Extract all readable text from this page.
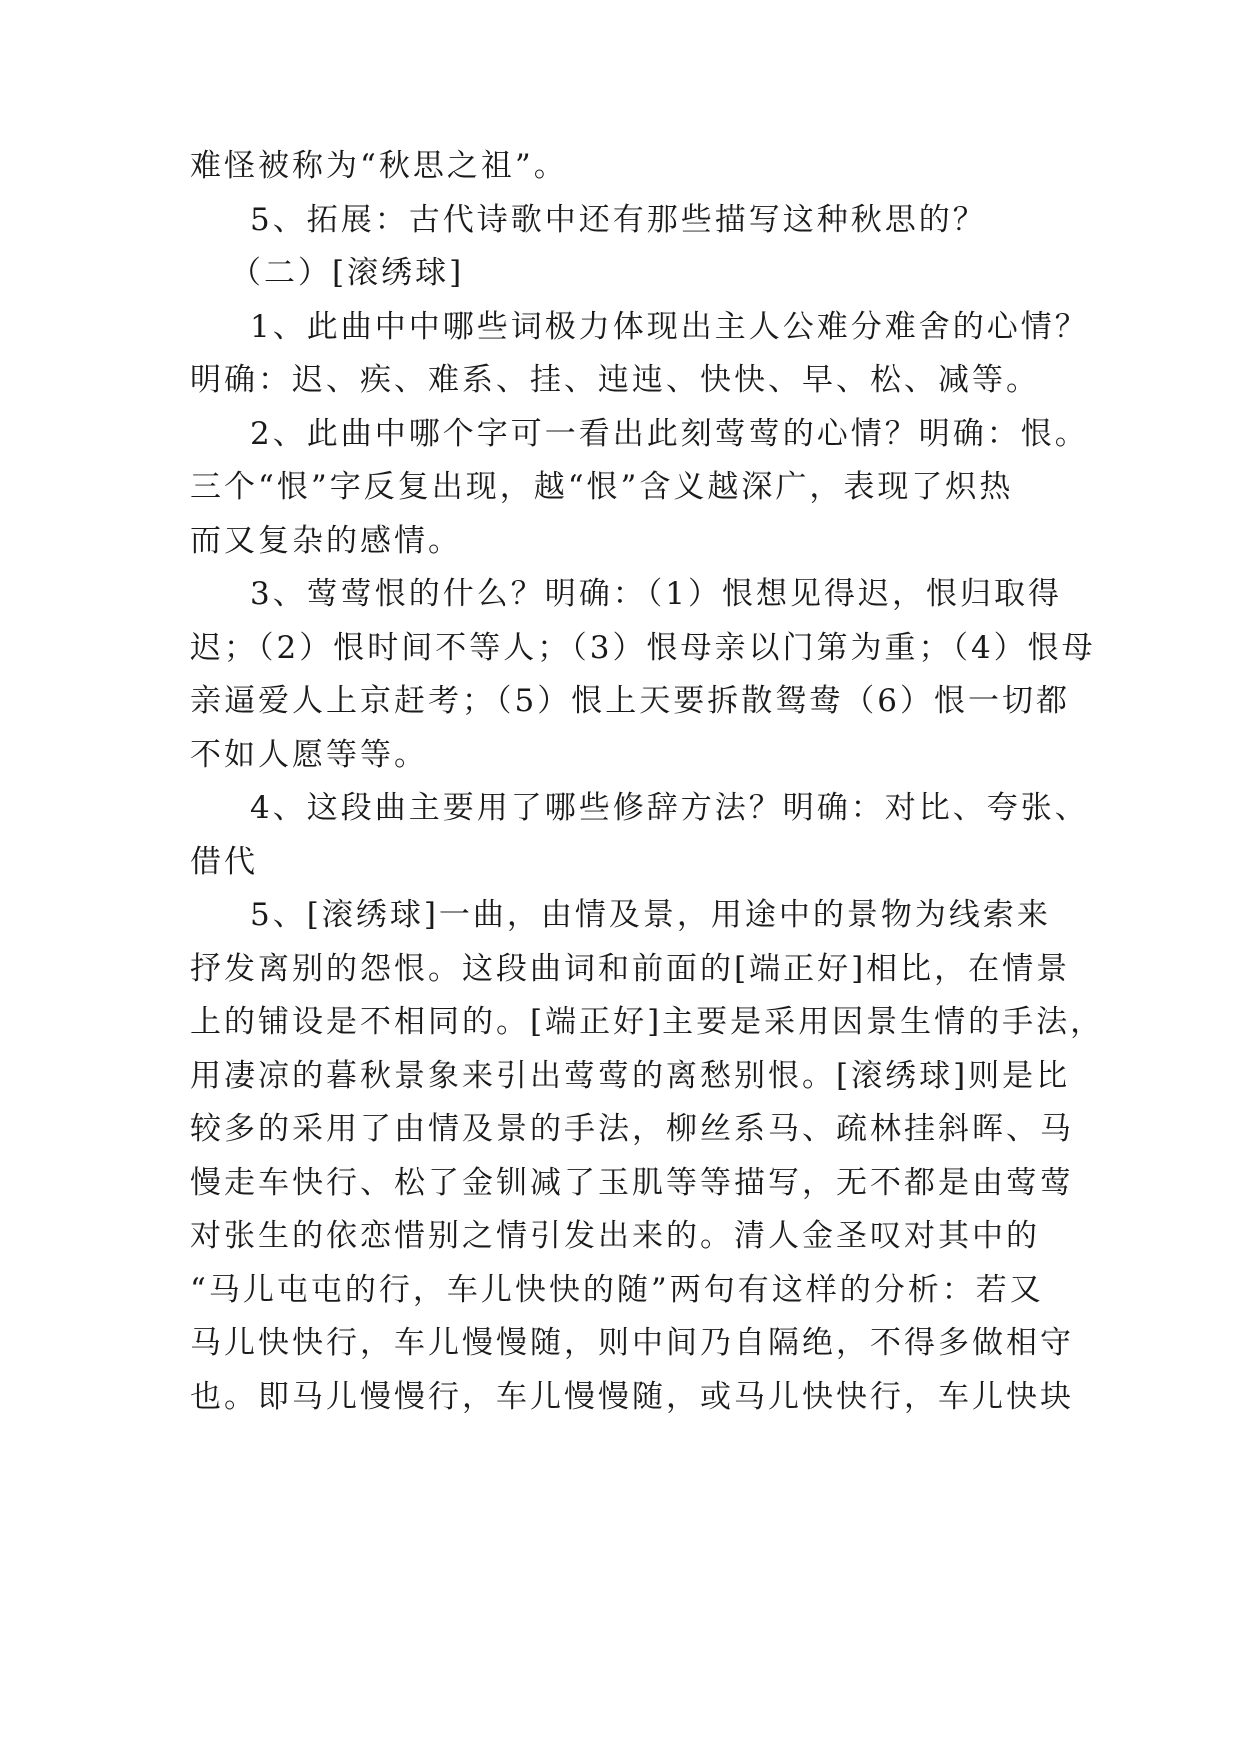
难怪被称为“秋思之祖”。
5、拓展：古代诗歌中还有那些描写这种秋思的？
（二）[滚绣球]
1、此曲中中哪些词极力体现出主人公难分难舍的心情？
明确：迟、疾、难系、挂、迍迍、快快、早、松、减等。
2、此曲中哪个字可一看出此刻莺莺的心情？明确：恨。
三个“恨”字反复出现，越“恨”含义越深广，表现了炽热
而又复杂的感情。
3、莺莺恨的什么？明确：（1）恨想见得迟，恨归取得
迟；（2）恨时间不等人；（3）恨母亲以门第为重；（4）恨母
亲逼爱人上京赶考；（5）恨上天要拆散鸳鸯（6）恨一切都
不如人愿等等。
4、这段曲主要用了哪些修辞方法？明确：对比、夸张、
借代
5、[滚绣球]一曲，由情及景，用途中的景物为线索来
抒发离别的怨恨。这段曲词和前面的[端正好]相比，在情景
上的铺设是不相同的。[端正好]主要是采用因景生情的手法，
用凄凉的暮秋景象来引出莺莺的离愁别恨。[滚绣球]则是比
较多的采用了由情及景的手法，柳丝系马、疏林挂斜晖、马
慢走车快行、松了金钏减了玉肌等等描写，无不都是由莺莺
对张生的依恋惜别之情引发出来的。清人金圣叹对其中的
“马儿屯屯的行，车儿快快的随”两句有这样的分析：若又
马儿快快行，车儿慢慢随，则中间乃自隔绝，不得多做相守
也。即马儿慢慢行，车儿慢慢随，或马儿快快行，车儿快块
